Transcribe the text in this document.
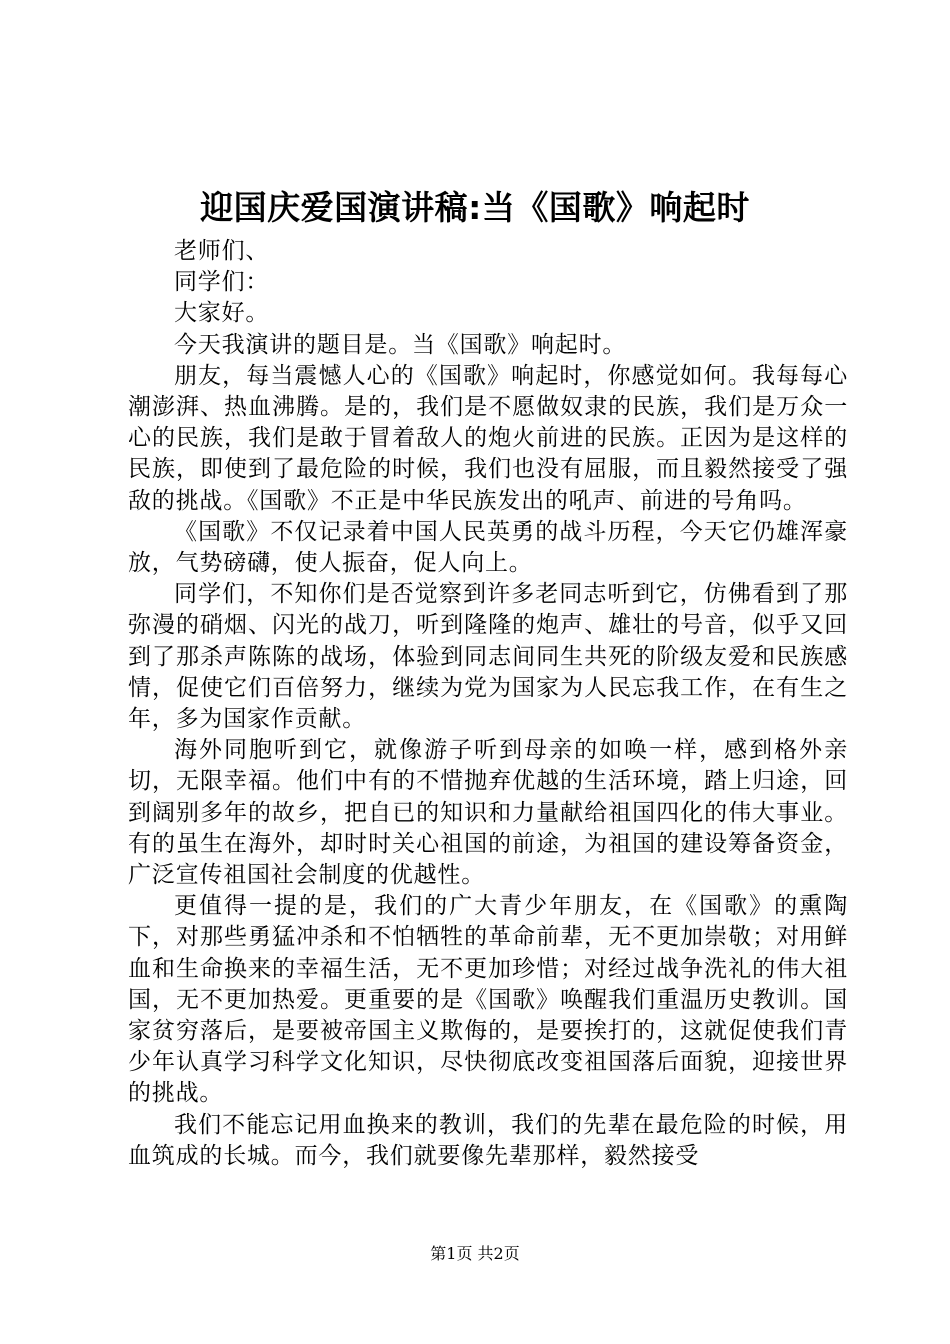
迎国庆爱国演讲稿:当《国歌》响起时

老师们、

同学们：

大家好。

今天我演讲的题目是。当《国歌》响起时。

朋友，每当震憾人心的《国歌》响起时，你感觉如何。我每每心潮澎湃、热血沸腾。是的，我们是不愿做奴隶的民族，我们是万众一心的民族，我们是敢于冒着敌人的炮火前进的民族。正因为是这样的民族，即使到了最危险的时候，我们也没有屈服，而且毅然接受了强敌的挑战。《国歌》不正是中华民族发出的吼声、前进的号角吗。

《国歌》不仅记录着中国人民英勇的战斗历程，今天它仍雄浑豪放，气势磅礴，使人振奋，促人向上。

同学们，不知你们是否觉察到许多老同志听到它，仿佛看到了那弥漫的硝烟、闪光的战刀，听到隆隆的炮声、雄壮的号音，似乎又回到了那杀声陈陈的战场，体验到同志间同生共死的阶级友爱和民族感情，促使它们百倍努力，继续为党为国家为人民忘我工作，在有生之年，多为国家作贡献。

海外同胞听到它，就像游子听到母亲的如唤一样，感到格外亲切，无限幸福。他们中有的不惜抛弃优越的生活环境，踏上归途，回到阔别多年的故乡，把自已的知识和力量献给祖国四化的伟大事业。有的虽生在海外，却时时关心祖国的前途，为祖国的建设筹备资金，广泛宣传祖国社会制度的优越性。

更值得一提的是，我们的广大青少年朋友，在《国歌》的熏陶下，对那些勇猛冲杀和不怕牺牲的革命前辈，无不更加崇敬；对用鲜血和生命换来的幸福生活，无不更加珍惜；对经过战争洗礼的伟大祖国，无不更加热爱。更重要的是《国歌》唤醒我们重温历史教训。国家贫穷落后，是要被帝国主义欺侮的，是要挨打的，这就促使我们青少年认真学习科学文化知识，尽快彻底改变祖国落后面貌，迎接世界的挑战。

我们不能忘记用血换来的教训，我们的先辈在最危险的时候，用血筑成的长城。而今，我们就要像先辈那样，毅然接受

第1页 共2页
